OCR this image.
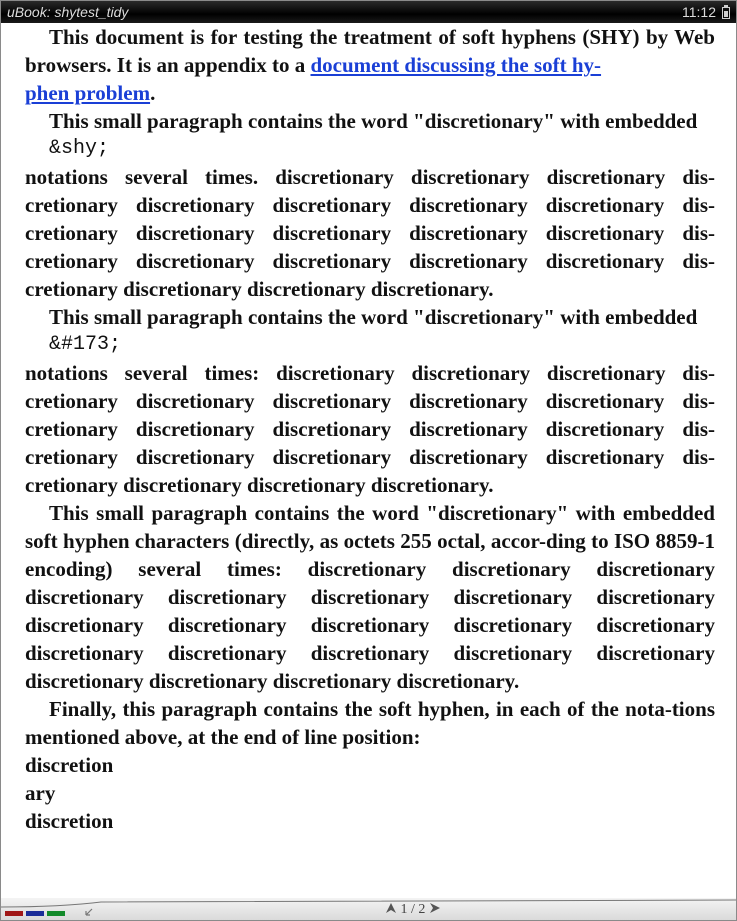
uBook: shytest_tidy	11:12

This document is for testing the treatment of soft hyphens (SHY) by Web browsers. It is an appendix to a document discussing the soft hy-
phen problem.

This small paragraph contains the word "discretionary" with embedded
&shy;

notations several times. discretionary discretionary discretionary dis-cretionary discretionary discretionary discretionary discretionary dis-cretionary discretionary discretionary discretionary discretionary dis-cretionary discretionary discretionary discretionary discretionary dis-cretionary discretionary discretionary discretionary.

This small paragraph contains the word "discretionary" with embedded
&#173;

notations several times: discretionary discretionary discretionary dis-cretionary discretionary discretionary discretionary discretionary dis-cretionary discretionary discretionary discretionary discretionary dis-cretionary discretionary discretionary discretionary discretionary dis-cretionary discretionary discretionary discretionary.

This small paragraph contains the word "discretionary" with embedded soft hyphen characters (directly, as octets 255 octal, accor-ding to ISO 8859-1 encoding) several times: discretionary discretionary discretionary discretionary discretionary discretionary discretionary discretionary discretionary discretionary discretionary discretionary discretionary discretionary discretionary discretionary discretionary discretionary discretionary discretionary discretionary discretionary.

Finally, this paragraph contains the soft hyphen, in each of the nota-tions mentioned above, at the end of line position:

discretion
ary
discretion
1 / 2
